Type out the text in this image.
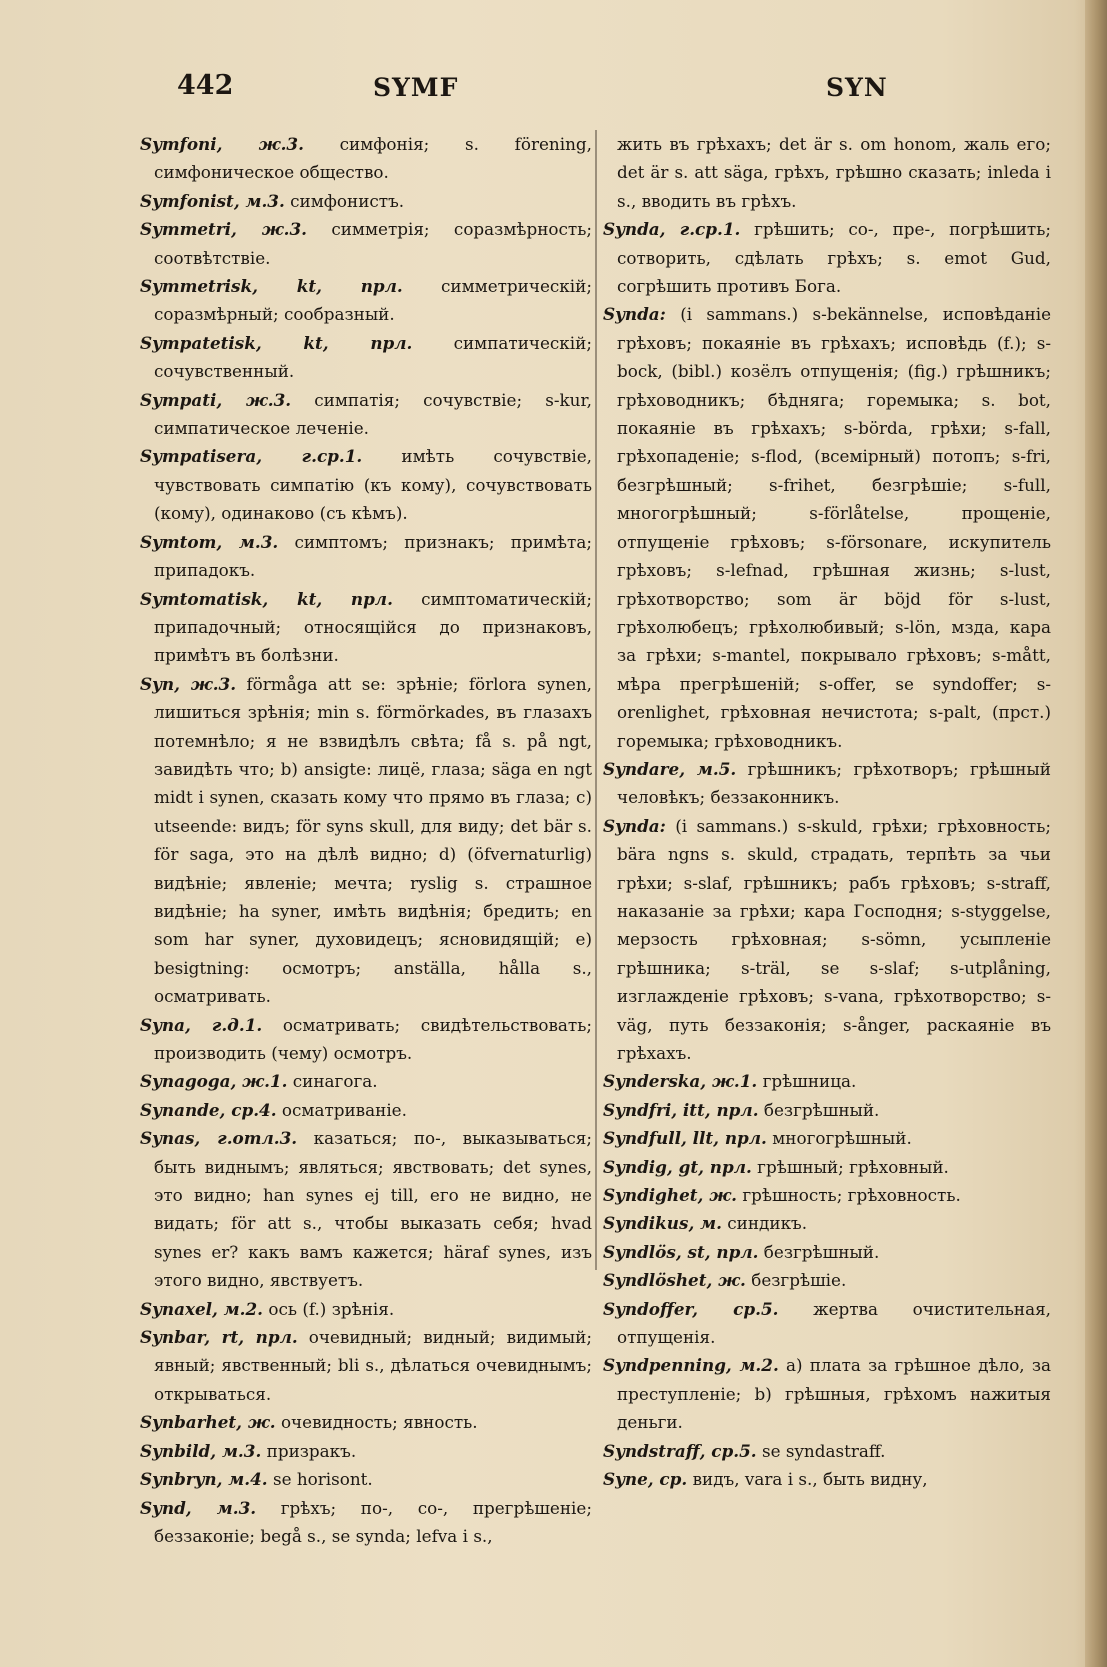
442	SYMF	SYN

Symfoni, ж.3. симфонія; s. förening, симфоническое общество.

Symfonist, м.3. симфонистъ.

Symmetri, ж.3. симметрія; соразмѣрность; соотвѣтствіе.

Symmetrisk, kt, прл. симметрическій; соразмѣрный; сообразный.

Sympatetisk, kt, прл. симпатическій; сочувственный.

Sympati, ж.3. симпатія; сочувствіе; s-kur, симпатическое леченіе.

Sympatisera, г.ср.1. имѣть сочувствіе, чувствовать симпатію (къ кому), сочувствовать (кому), одинаково (съ кѣмъ).

Symtom, м.3. симптомъ; признакъ; примѣта; припадокъ.

Symtomatisk, kt, прл. симптоматическій; припадочный; относящійся до признаковъ, примѣтъ въ болѣзни.

Syn, ж.3. förmåga att se: зрѣніе; förlora synen, лишиться зрѣнія; min s. förmörkades, въ глазахъ потемнѣло; я не взвидѣлъ свѣта; få s. på ngt, завидѣть что; b) ansigte: лицё, глаза; säga en ngt midt i synen, сказать кому что прямо въ глаза; c) utseende: видъ; för syns skull, для виду; det bär s. för saga, это на дѣлѣ видно; d) (öfvernaturlig) видѣніе; явленіе; мечта; ryslig s. страшное видѣніе; ha syner, имѣть видѣнія; бредить; en som har syner, духовидецъ; ясновидящій; e) besigtning: осмотръ; anställa, hålla s., осматривать.

Syna, г.д.1. осматривать; свидѣтельствовать; производить (чему) осмотръ.

Synagoga, ж.1. синагога.

Synande, ср.4. осматриваніе.

Synas, г.отл.3. казаться; по-, выказываться; быть виднымъ; являться; явствовать; det synes, это видно; han synes ej till, его не видно, не видать; för att s., чтобы выказать себя; hvad synes er? какъ вамъ кажется; häraf synes, изъ этого видно, явствуетъ.

Synaxel, м.2. ось (f.) зрѣнія.

Synbar, rt, прл. очевидный; видный; видимый; явный; явственный; bli s., дѣлаться очевиднымъ; открываться.

Synbarhet, ж. очевидность; явность.

Synbild, м.3. призракъ.

Synbryn, м.4. se horisont.

Synd, м.3. грѣхъ; по-, со-, прегрѣшеніе; беззаконіе; begå s., se synda; lefva i s.,

жить въ грѣхахъ; det är s. om honom, жаль его; det är s. att säga, грѣхъ, грѣшно сказать; inleda i s., вводить въ грѣхъ.

Synda, г.ср.1. грѣшить; со-, пре-, погрѣшить; сотворить, сдѣлать грѣхъ; s. emot Gud, согрѣшить противъ Бога.

Synda: (i sammans.) s-bekännelse, исповѣданіе грѣховъ; покаяніе въ грѣхахъ; исповѣдь (f.); s-bock, (bibl.) козёлъ отпущенія; (fig.) грѣшникъ; грѣховодникъ; бѣдняга; горемыка; s. bot, покаяніе въ грѣхахъ; s-börda, грѣхи; s-fall, грѣхопаденіе; s-flod, (всемірный) потопъ; s-fri, безгрѣшный; s-frihet, безгрѣшіе; s-full, многогрѣшный; s-förlåtelse, прощеніе, отпущеніе грѣховъ; s-försonare, искупитель грѣховъ; s-lefnad, грѣшная жизнь; s-lust, грѣхотворство; som är böjd för s-lust, грѣхолюбецъ; грѣхолюбивый; s-lön, мзда, кара за грѣхи; s-mantel, покрывало грѣховъ; s-mått, мѣра прегрѣшеній; s-offer, se syndoffer; s-orenlighet, грѣховная нечистота; s-palt, (прст.) горемыка; грѣховодникъ.

Syndare, м.5. грѣшникъ; грѣхотворъ; грѣшный человѣкъ; беззаконникъ.

Synda: (i sammans.) s-skuld, грѣхи; грѣховность; bära ngns s. skuld, страдать, терпѣть за чьи грѣхи; s-slaf, грѣшникъ; рабъ грѣховъ; s-straff, наказаніе за грѣхи; кара Господня; s-styggelse, мерзость грѣховная; s-sömn, усыпленіе грѣшника; s-träl, se s-slaf; s-utplåning, изглажденіе грѣховъ; s-vana, грѣхотворство; s-väg, путь беззаконія; s-ånger, раскаяніе въ грѣхахъ.

Synderska, ж.1. грѣшница.

Syndfri, itt, прл. безгрѣшный.

Syndfull, llt, прл. многогрѣшный.

Syndig, gt, прл. грѣшный; грѣховный.

Syndighet, ж. грѣшность; грѣховность.

Syndikus, м. синдикъ.

Syndlös, st, прл. безгрѣшный.

Syndlöshet, ж. безгрѣшіе.

Syndoffer, ср.5. жертва очистительная, отпущенія.

Syndpenning, м.2. a) плата за грѣшное дѣло, за преступленіе; b) грѣшныя, грѣхомъ нажитыя деньги.

Syndstraff, ср.5. se syndastraff.

Syne, ср. видъ, vara i s., быть видну,
